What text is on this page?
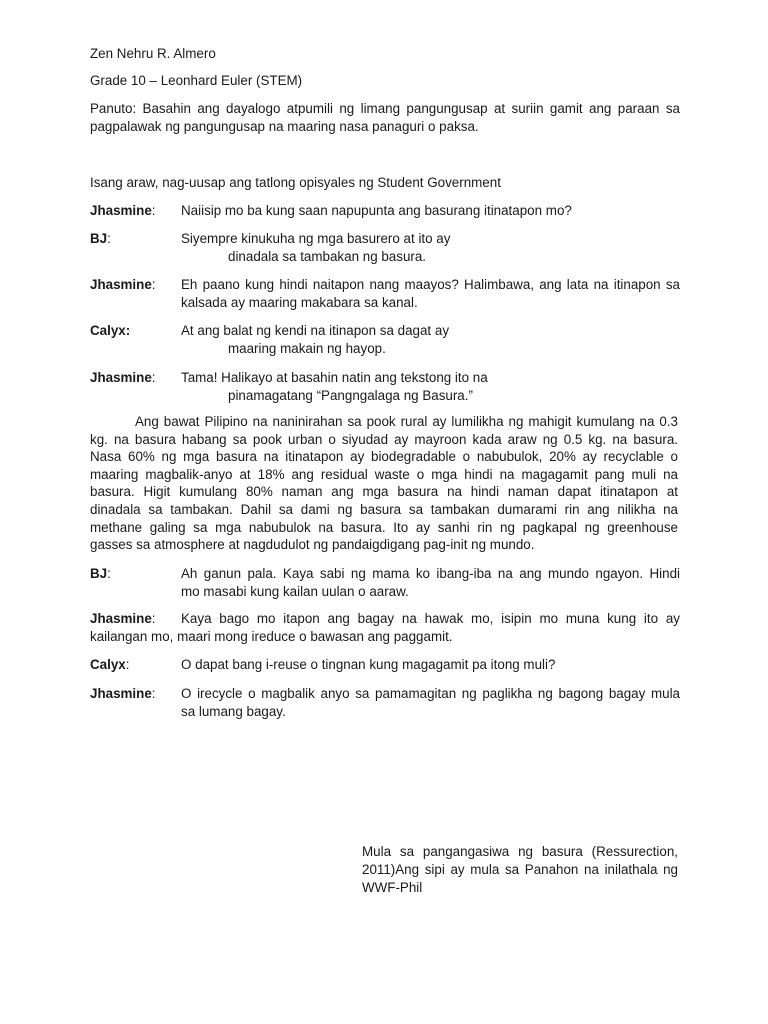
Zen Nehru R. Almero

Grade 10 – Leonhard Euler (STEM)

Panuto: Basahin ang dayalogo atpumili ng limang pangungusap at suriin gamit ang paraan sa

pagpalawak ng pangungusap na maaring nasa panaguri o paksa.

Isang araw, nag-uusap ang tatlong opisyales ng Student Government

Jhasmine: Naiisip mo ba kung saan napupunta ang basurang itinatapon mo?

BJ:	Siyempre kinukuha ng mga basurero at ito ay

dinadala sa tambakan ng basura.
Jhasmine: Eh paano kung hindi naitapon nang maayos? Halimbawa, ang lata na itinapon sa

kalsada ay maaring makabara sa kanal.

Calyx:	At ang balat ng kendi na itinapon sa dagat ay

maaring makain ng hayop.
Jhasmine: Tama! Halikayo at basahin natin ang tekstong ito na

pinamagatang “Pangngalaga ng Basura.”
Ang bawat Pilipino na naninirahan sa pook rural ay lumilikha ng mahigit kumulang na 0.3
kg. na basura habang sa pook urban o siyudad ay mayroon kada araw ng 0.5 kg. na basura.
Nasa 60% ng mga basura na itinatapon ay biodegradable o nabubulok, 20% ay recyclable o
maaring magbalik-anyo at 18% ang residual waste o mga hindi na magagamit pang muli na
basura. Higit kumulang 80% naman ang mga basura na hindi naman dapat itinatapon at
dinadala sa tambakan. Dahil sa dami ng basura sa tambakan dumarami rin ang nilikha na
methane galing sa mga nabubulok na basura. Ito ay sanhi rin ng pagkapal ng greenhouse
gasses sa atmosphere at nagdudulot ng pandaigdigang pag-init ng mundo.
BJ:	Ah ganun pala. Kaya sabi ng mama ko ibang-iba na ang mundo ngayon. Hindi

mo masabi kung kailan uulan o aaraw.

Jhasmine: Kaya bago mo itapon ang bagay na hawak mo, isipin mo muna kung ito ay

kailangan mo, maari mong ireduce o bawasan ang paggamit.

Calyx:	O dapat bang i-reuse o tingnan kung magagamit pa itong muli?

Jhasmine: O irecycle o magbalik anyo sa pamamagitan ng paglikha ng bagong bagay mula

sa lumang bagay.

Mula sa pangangasiwa ng basura (Ressurection,
2011)Ang sipi ay mula sa Panahon na inilathala ng
WWF-Phil
